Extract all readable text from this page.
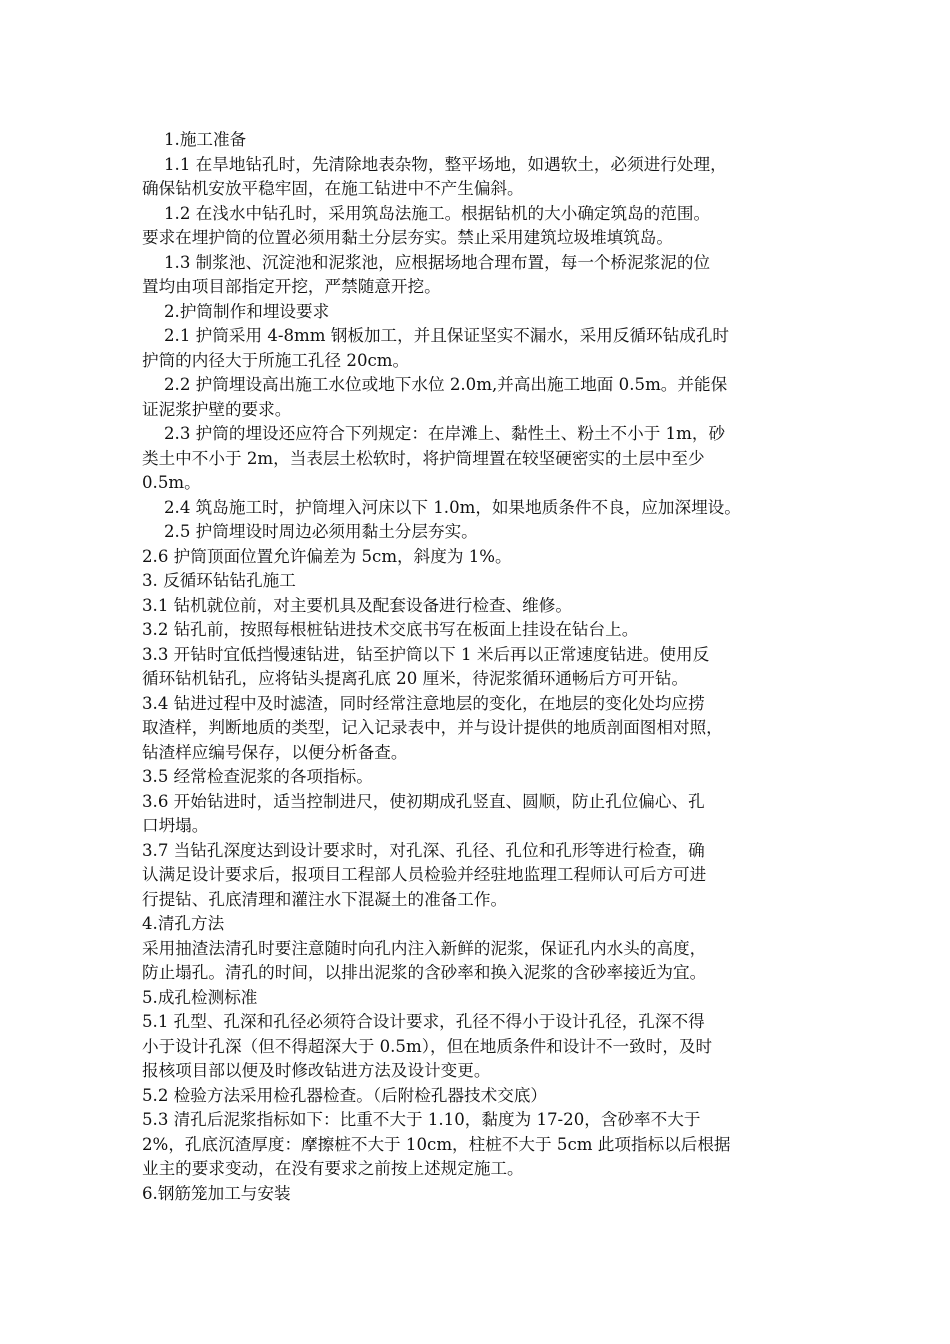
1.施工准备
1.1 在旱地钻孔时，先清除地表杂物，整平场地，如遇软土，必须进行处理，
确保钻机安放平稳牢固，在施工钻进中不产生偏斜。
1.2 在浅水中钻孔时，采用筑岛法施工。根据钻机的大小确定筑岛的范围。
要求在埋护筒的位置必须用黏土分层夯实。禁止采用建筑垃圾堆填筑岛。
1.3 制浆池、沉淀池和泥浆池，应根据场地合理布置，每一个桥泥浆泥的位
置均由项目部指定开挖，严禁随意开挖。
2.护筒制作和埋设要求
2.1 护筒采用 4-8mm 钢板加工，并且保证坚实不漏水，采用反循环钻成孔时
护筒的内径大于所施工孔径 20cm。
2.2 护筒埋设高出施工水位或地下水位 2.0m,并高出施工地面 0.5m。并能保
证泥浆护壁的要求。
2.3 护筒的埋设还应符合下列规定：在岸滩上、黏性土、粉土不小于 1m，砂
类土中不小于 2m，当表层土松软时，将护筒埋置在较坚硬密实的土层中至少
0.5m。
2.4 筑岛施工时，护筒埋入河床以下 1.0m，如果地质条件不良，应加深埋设。
2.5 护筒埋设时周边必须用黏土分层夯实。
2.6 护筒顶面位置允许偏差为 5cm，斜度为 1%。
3. 反循环钻钻孔施工
3.1 钻机就位前，对主要机具及配套设备进行检查、维修。
3.2 钻孔前，按照每根桩钻进技术交底书写在板面上挂设在钻台上。
3.3 开钻时宜低挡慢速钻进，钻至护筒以下 1 米后再以正常速度钻进。使用反
循环钻机钻孔，应将钻头提离孔底 20 厘米，待泥浆循环通畅后方可开钻。
3.4 钻进过程中及时滤渣，同时经常注意地层的变化，在地层的变化处均应捞
取渣样，判断地质的类型，记入记录表中，并与设计提供的地质剖面图相对照，
钻渣样应编号保存，以便分析备查。
3.5 经常检查泥浆的各项指标。
3.6 开始钻进时，适当控制进尺，使初期成孔竖直、圆顺，防止孔位偏心、孔
口坍塌。
3.7 当钻孔深度达到设计要求时，对孔深、孔径、孔位和孔形等进行检查，确
认满足设计要求后，报项目工程部人员检验并经驻地监理工程师认可后方可进
行提钻、孔底清理和灌注水下混凝土的准备工作。
4.清孔方法
采用抽渣法清孔时要注意随时向孔内注入新鲜的泥浆，保证孔内水头的高度，
防止塌孔。清孔的时间，以排出泥浆的含砂率和换入泥浆的含砂率接近为宜。
5.成孔检测标准
5.1 孔型、孔深和孔径必须符合设计要求，孔径不得小于设计孔径，孔深不得
小于设计孔深（但不得超深大于 0.5m），但在地质条件和设计不一致时，及时
报核项目部以便及时修改钻进方法及设计变更。
5.2 检验方法采用检孔器检查。（后附检孔器技术交底）
5.3 清孔后泥浆指标如下：比重不大于 1.10，黏度为 17-20，含砂率不大于
2%，孔底沉渣厚度：摩擦桩不大于 10cm，柱桩不大于 5cm 此项指标以后根据
业主的要求变动，在没有要求之前按上述规定施工。
6.钢筋笼加工与安装
